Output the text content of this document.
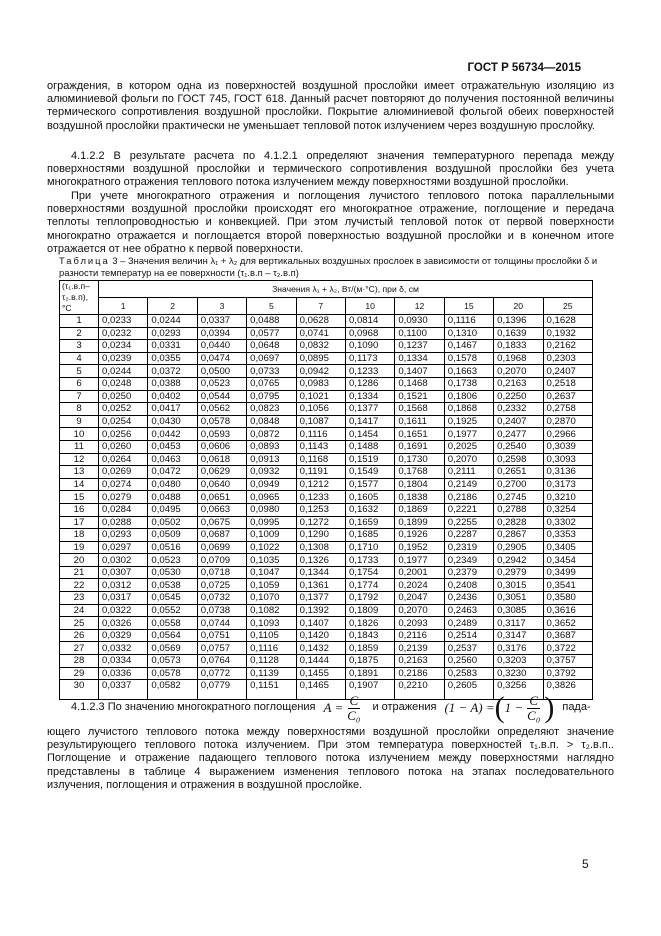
ГОСТ Р 56734—2015

ограждения, в котором одна из поверхностей воздушной прослойки имеет отражательную изоляцию из алюминиевой фольги по ГОСТ 745, ГОСТ 618. Данный расчет повторяют до получения постоянной величины термического сопротивления воздушной прослойки. Покрытие алюминиевой фольгой обеих поверхностей воздушной прослойки практически не уменьшает тепловой поток излучением через воздушную прослойку.

4.1.2.2 В результате расчета по 4.1.2.1 определяют значения температурного перепада между поверхностями воздушной прослойки и термического сопротивления воздушной прослойки без учета многократного отражения теплового потока излучением между поверхностями воздушной прослойки.

При учете многократного отражения и поглощения лучистого теплового потока параллельными поверхностями воздушной прослойки происходят его многократное отражение, поглощение и передача теплоты теплопроводностью и конвекцией. При этом лучистый тепловой поток от первой поверхности многократно отражается и поглощается второй поверхностью воздушной прослойки и в конечном итоге отражается от нее обратно к первой поверхности.

Таблица 3 – Значения величин λ₁ + λ₂ для вертикальных воздушных прослоек в зависимости от толщины прослойки δ и разности температур на ее поверхности (τ₁.в.п – τ₂.в.п)
(τ₁.в.п– τ₂.в.п), °С	Значения λ₁ + λ₂, Вт/(м·°С), при δ, см									
	1	2	3	5	7	10	12	15	20	25
1	0,0233	0,0244	0,0337	0,0488	0,0628	0,0814	0,0930	0,1116	0,1396	0,1628
2	0,0232	0,0293	0,0394	0,0577	0,0741	0,0968	0,1100	0,1310	0,1639	0,1932
3	0,0234	0,0331	0,0440	0,0648	0,0832	0,1090	0,1237	0,1467	0,1833	0,2162
4	0,0239	0,0355	0,0474	0,0697	0,0895	0,1173	0,1334	0,1578	0,1968	0,2303
5	0,0244	0,0372	0,0500	0,0733	0,0942	0,1233	0,1407	0,1663	0,2070	0,2407
6	0,0248	0,0388	0,0523	0,0765	0,0983	0,1286	0,1468	0,1738	0,2163	0,2518
7	0,0250	0,0402	0,0544	0,0795	0,1021	0,1334	0,1521	0,1806	0,2250	0,2637
8	0,0252	0,0417	0,0562	0,0823	0,1056	0,1377	0,1568	0,1868	0,2332	0,2758
9	0,0254	0,0430	0,0578	0,0848	0,1087	0,1417	0,1611	0,1925	0,2407	0,2870
10	0,0256	0,0442	0,0593	0,0872	0,1116	0,1454	0,1651	0,1977	0,2477	0,2966
11	0,0260	0,0453	0,0606	0,0893	0,1143	0,1488	0,1691	0,2025	0,2540	0,3039
12	0,0264	0,0463	0,0618	0,0913	0,1168	0,1519	0,1730	0,2070	0,2598	0,3093
13	0,0269	0,0472	0,0629	0,0932	0,1191	0,1549	0,1768	0,2111	0,2651	0,3136
14	0,0274	0,0480	0,0640	0,0949	0,1212	0,1577	0,1804	0,2149	0,2700	0,3173
15	0,0279	0,0488	0,0651	0,0965	0,1233	0,1605	0,1838	0,2186	0,2745	0,3210
16	0,0284	0,0495	0,0663	0,0980	0,1253	0,1632	0,1869	0,2221	0,2788	0,3254
17	0,0288	0,0502	0,0675	0,0995	0,1272	0,1659	0,1899	0,2255	0,2828	0,3302
18	0,0293	0,0509	0,0687	0,1009	0,1290	0,1685	0,1926	0,2287	0,2867	0,3353
19	0,0297	0,0516	0,0699	0,1022	0,1308	0,1710	0,1952	0,2319	0,2905	0,3405
20	0,0302	0,0523	0,0709	0,1035	0,1326	0,1733	0,1977	0,2349	0,2942	0,3454
21	0,0307	0,0530	0,0718	0,1047	0,1344	0,1754	0,2001	0,2379	0,2979	0,3499
22	0,0312	0,0538	0,0725	0,1059	0,1361	0,1774	0,2024	0,2408	0,3015	0,3541
23	0,0317	0,0545	0,0732	0,1070	0,1377	0,1792	0,2047	0,2436	0,3051	0,3580
24	0,0322	0,0552	0,0738	0,1082	0,1392	0,1809	0,2070	0,2463	0,3085	0,3616
25	0,0326	0,0558	0,0744	0,1093	0,1407	0,1826	0,2093	0,2489	0,3117	0,3652
26	0,0329	0,0564	0,0751	0,1105	0,1420	0,1843	0,2116	0,2514	0,3147	0,3687
27	0,0332	0,0569	0,0757	0,1116	0,1432	0,1859	0,2139	0,2537	0,3176	0,3722
28	0,0334	0,0573	0,0764	0,1128	0,1444	0,1875	0,2163	0,2560	0,3203	0,3757
29	0,0336	0,0578	0,0772	0,1139	0,1455	0,1891	0,2186	0,2583	0,3230	0,3792
30	0,0337	0,0582	0,0779	0,1151	0,1465	0,1907	0,2210	0,2605	0,3256	0,3826
4.1.2.3 По значению многократного поглощения $A = \frac{C}{\text{C₀}}$ и отражения (1 − A) = ( $1 - \frac{C}{\text{C₀}}$ ) пада-

ющего лучистого теплового потока между поверхностями воздушной прослойки определяют значение результирующего теплового потока излучением. При этом температура поверхностей τ₁.в.п. > τ₂.в.п.. Поглощение и отражение падающего теплового потока излучением между поверхностями наглядно представлены в таблице 4 выражением изменения теплового потока на этапах последовательного излучения, поглощения и отражения в воздушной прослойке.

5
